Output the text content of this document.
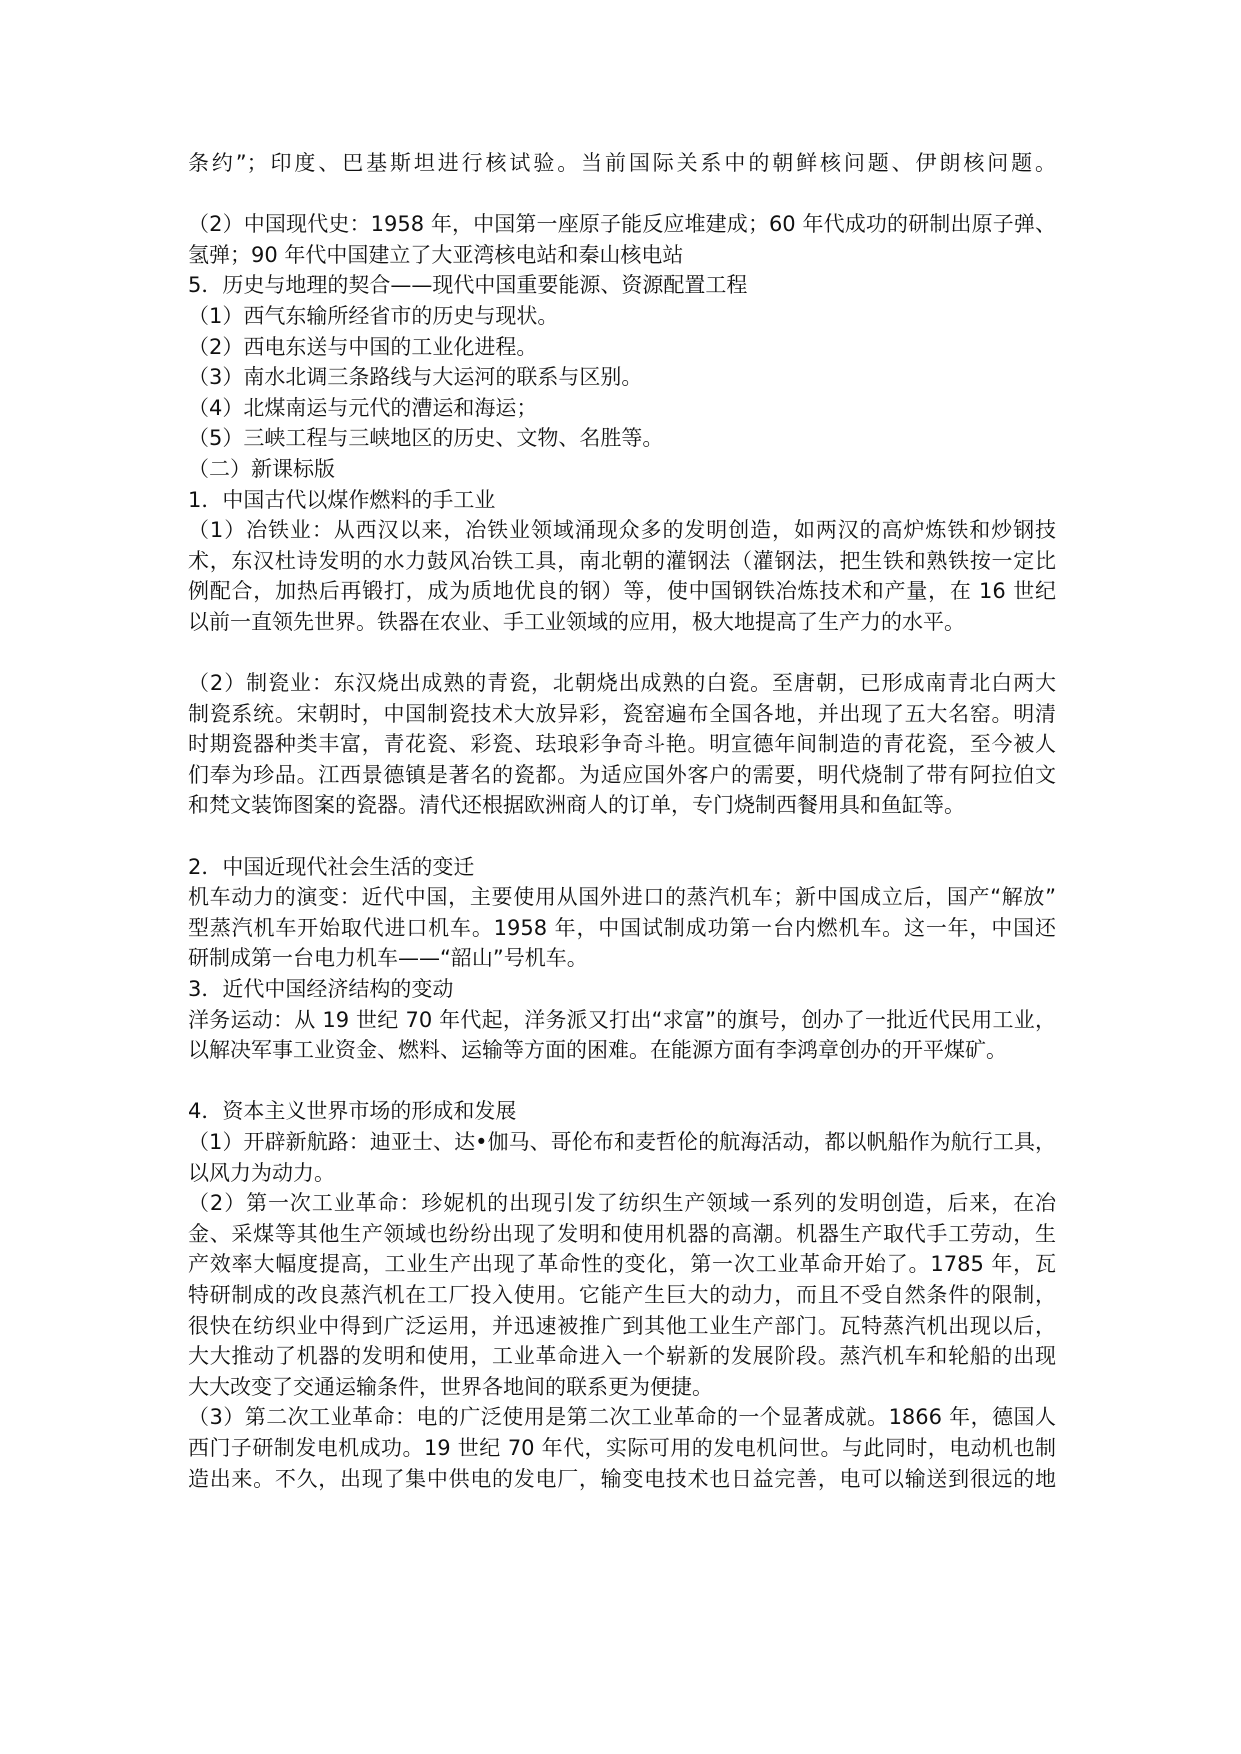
条约”；印度、巴基斯坦进行核试验。当前国际关系中的朝鲜核问题、伊朗核问题。
（2）中国现代史：1958 年，中国第一座原子能反应堆建成；60 年代成功的研制出原子弹、
氢弹；90 年代中国建立了大亚湾核电站和秦山核电站
5．历史与地理的契合——现代中国重要能源、资源配置工程
（1）西气东输所经省市的历史与现状。
（2）西电东送与中国的工业化进程。
（3）南水北调三条路线与大运河的联系与区别。
（4）北煤南运与元代的漕运和海运；
（5）三峡工程与三峡地区的历史、文物、名胜等。
（二）新课标版
1．中国古代以煤作燃料的手工业
（1）冶铁业：从西汉以来，冶铁业领域涌现众多的发明创造，如两汉的高炉炼铁和炒钢技
术，东汉杜诗发明的水力鼓风冶铁工具，南北朝的灌钢法（灌钢法，把生铁和熟铁按一定比
例配合，加热后再锻打，成为质地优良的钢）等，使中国钢铁冶炼技术和产量，在 16 世纪
以前一直领先世界。铁器在农业、手工业领域的应用，极大地提高了生产力的水平。
（2）制瓷业：东汉烧出成熟的青瓷，北朝烧出成熟的白瓷。至唐朝，已形成南青北白两大
制瓷系统。宋朝时，中国制瓷技术大放异彩，瓷窑遍布全国各地，并出现了五大名窑。明清
时期瓷器种类丰富，青花瓷、彩瓷、珐琅彩争奇斗艳。明宣德年间制造的青花瓷，至今被人
们奉为珍品。江西景德镇是著名的瓷都。为适应国外客户的需要，明代烧制了带有阿拉伯文
和梵文装饰图案的瓷器。清代还根据欧洲商人的订单，专门烧制西餐用具和鱼缸等。
2．中国近现代社会生活的变迁
机车动力的演变：近代中国，主要使用从国外进口的蒸汽机车；新中国成立后，国产“解放”
型蒸汽机车开始取代进口机车。1958 年，中国试制成功第一台内燃机车。这一年，中国还
研制成第一台电力机车——“韶山”号机车。
3．近代中国经济结构的变动
洋务运动：从 19 世纪 70 年代起，洋务派又打出“求富”的旗号，创办了一批近代民用工业，
以解决军事工业资金、燃料、运输等方面的困难。在能源方面有李鸿章创办的开平煤矿。
4．资本主义世界市场的形成和发展
（1）开辟新航路：迪亚士、达•伽马、哥伦布和麦哲伦的航海活动，都以帆船作为航行工具，
以风力为动力。
（2）第一次工业革命：珍妮机的出现引发了纺织生产领域一系列的发明创造，后来，在冶
金、采煤等其他生产领域也纷纷出现了发明和使用机器的高潮。机器生产取代手工劳动，生
产效率大幅度提高，工业生产出现了革命性的变化，第一次工业革命开始了。1785 年，瓦
特研制成的改良蒸汽机在工厂投入使用。它能产生巨大的动力，而且不受自然条件的限制，
很快在纺织业中得到广泛运用，并迅速被推广到其他工业生产部门。瓦特蒸汽机出现以后，
大大推动了机器的发明和使用，工业革命进入一个崭新的发展阶段。蒸汽机车和轮船的出现
大大改变了交通运输条件，世界各地间的联系更为便捷。
（3）第二次工业革命：电的广泛使用是第二次工业革命的一个显著成就。1866 年，德国人
西门子研制发电机成功。19 世纪 70 年代，实际可用的发电机问世。与此同时，电动机也制
造出来。不久，出现了集中供电的发电厂，输变电技术也日益完善，电可以输送到很远的地
